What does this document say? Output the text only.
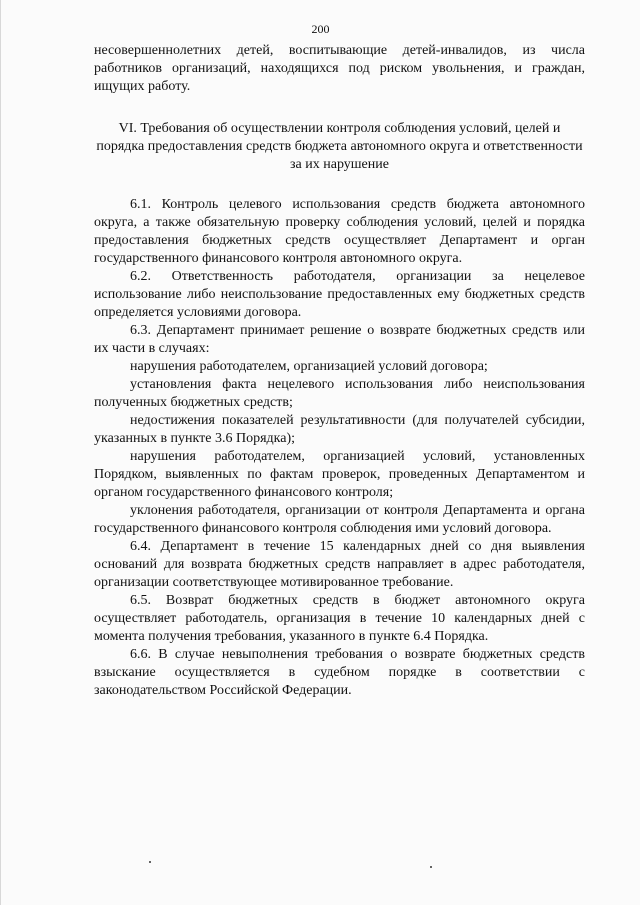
200

несовершеннолетних детей, воспитывающие детей-инвалидов, из числа работников организаций, находящихся под риском увольнения, и граждан, ищущих работу.

VI. Требования об осуществлении контроля соблюдения условий, целей и порядка предоставления средств бюджета автономного округа и ответственности за их нарушение

6.1. Контроль целевого использования средств бюджета автономного округа, а также обязательную проверку соблюдения условий, целей и порядка предоставления бюджетных средств осуществляет Департамент и орган государственного финансового контроля автономного округа.

6.2. Ответственность работодателя, организации за нецелевое использование либо неиспользование предоставленных ему бюджетных средств определяется условиями договора.

6.3. Департамент принимает решение о возврате бюджетных средств или их части в случаях:

нарушения работодателем, организацией условий договора;

установления факта нецелевого использования либо неиспользования полученных бюджетных средств;

недостижения показателей результативности (для получателей субсидии, указанных в пункте 3.6 Порядка);

нарушения работодателем, организацией условий, установленных Порядком, выявленных по фактам проверок, проведенных Департаментом и органом государственного финансового контроля;

уклонения работодателя, организации от контроля Департамента и органа государственного финансового контроля соблюдения ими условий договора.

6.4. Департамент в течение 15 календарных дней со дня выявления оснований для возврата бюджетных средств направляет в адрес работодателя, организации соответствующее мотивированное требование.

6.5. Возврат бюджетных средств в бюджет автономного округа осуществляет работодатель, организация в течение 10 календарных дней с момента получения требования, указанного в пункте 6.4 Порядка.

6.6. В случае невыполнения требования о возврате бюджетных средств взыскание осуществляется в судебном порядке в соответствии с законодательством Российской Федерации.
